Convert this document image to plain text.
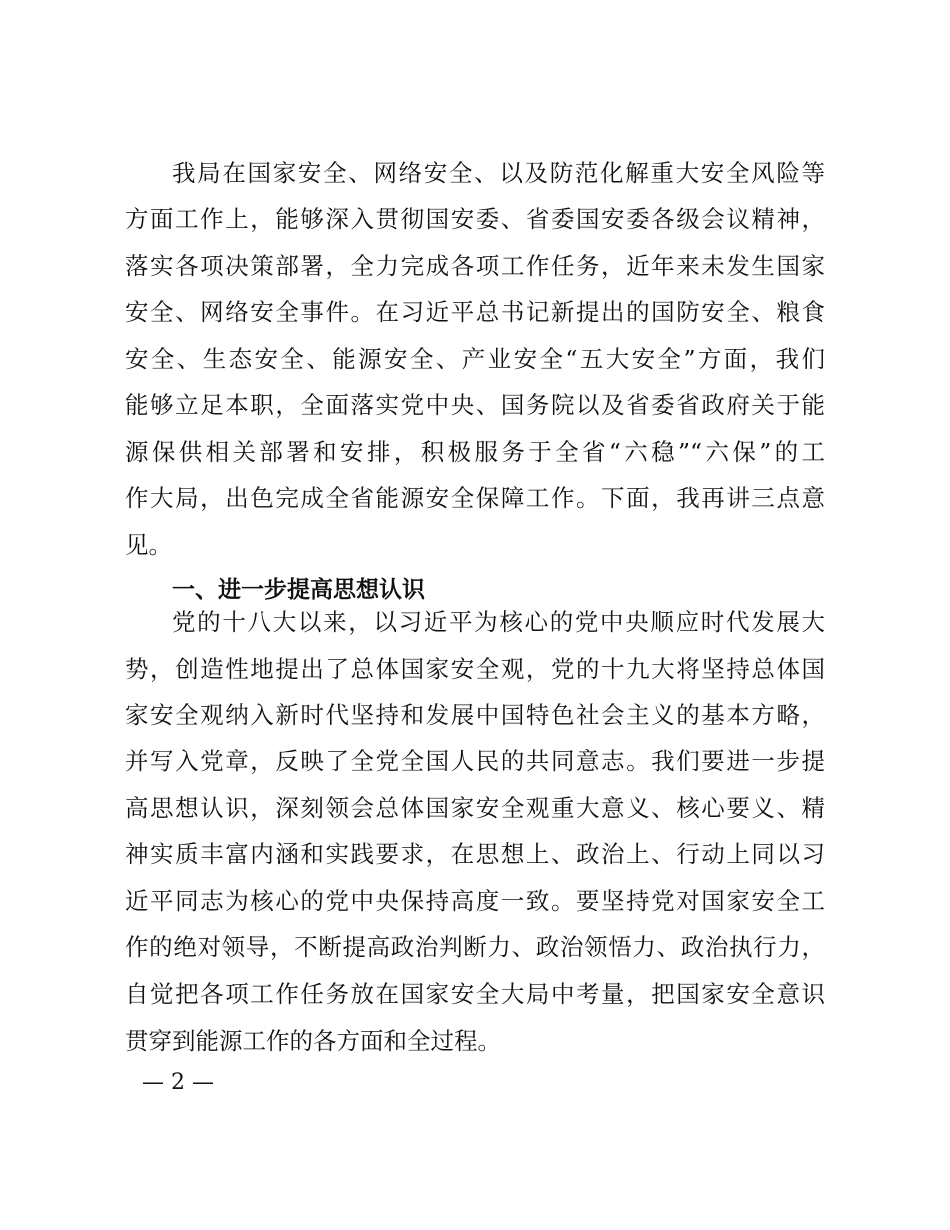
我局在国家安全、网络安全、以及防范化解重大安全风险等
方面工作上，能够深入贯彻国安委、省委国安委各级会议精神，
落实各项决策部署，全力完成各项工作任务，近年来未发生国家
安全、网络安全事件。在习近平总书记新提出的国防安全、粮食
安全、生态安全、能源安全、产业安全“五大安全”方面，我们
能够立足本职，全面落实党中央、国务院以及省委省政府关于能
源保供相关部署和安排，积极服务于全省“六稳”“六保”的工
作大局，出色完成全省能源安全保障工作。下面，我再讲三点意
见。
一、进一步提高思想认识
党的十八大以来，以习近平为核心的党中央顺应时代发展大
势，创造性地提出了总体国家安全观，党的十九大将坚持总体国
家安全观纳入新时代坚持和发展中国特色社会主义的基本方略，
并写入党章，反映了全党全国人民的共同意志。我们要进一步提
高思想认识，深刻领会总体国家安全观重大意义、核心要义、精
神实质丰富内涵和实践要求，在思想上、政治上、行动上同以习
近平同志为核心的党中央保持高度一致。要坚持党对国家安全工
作的绝对领导，不断提高政治判断力、政治领悟力、政治执行力，
自觉把各项工作任务放在国家安全大局中考量，把国家安全意识
贯穿到能源工作的各方面和全过程。
— 2 —
